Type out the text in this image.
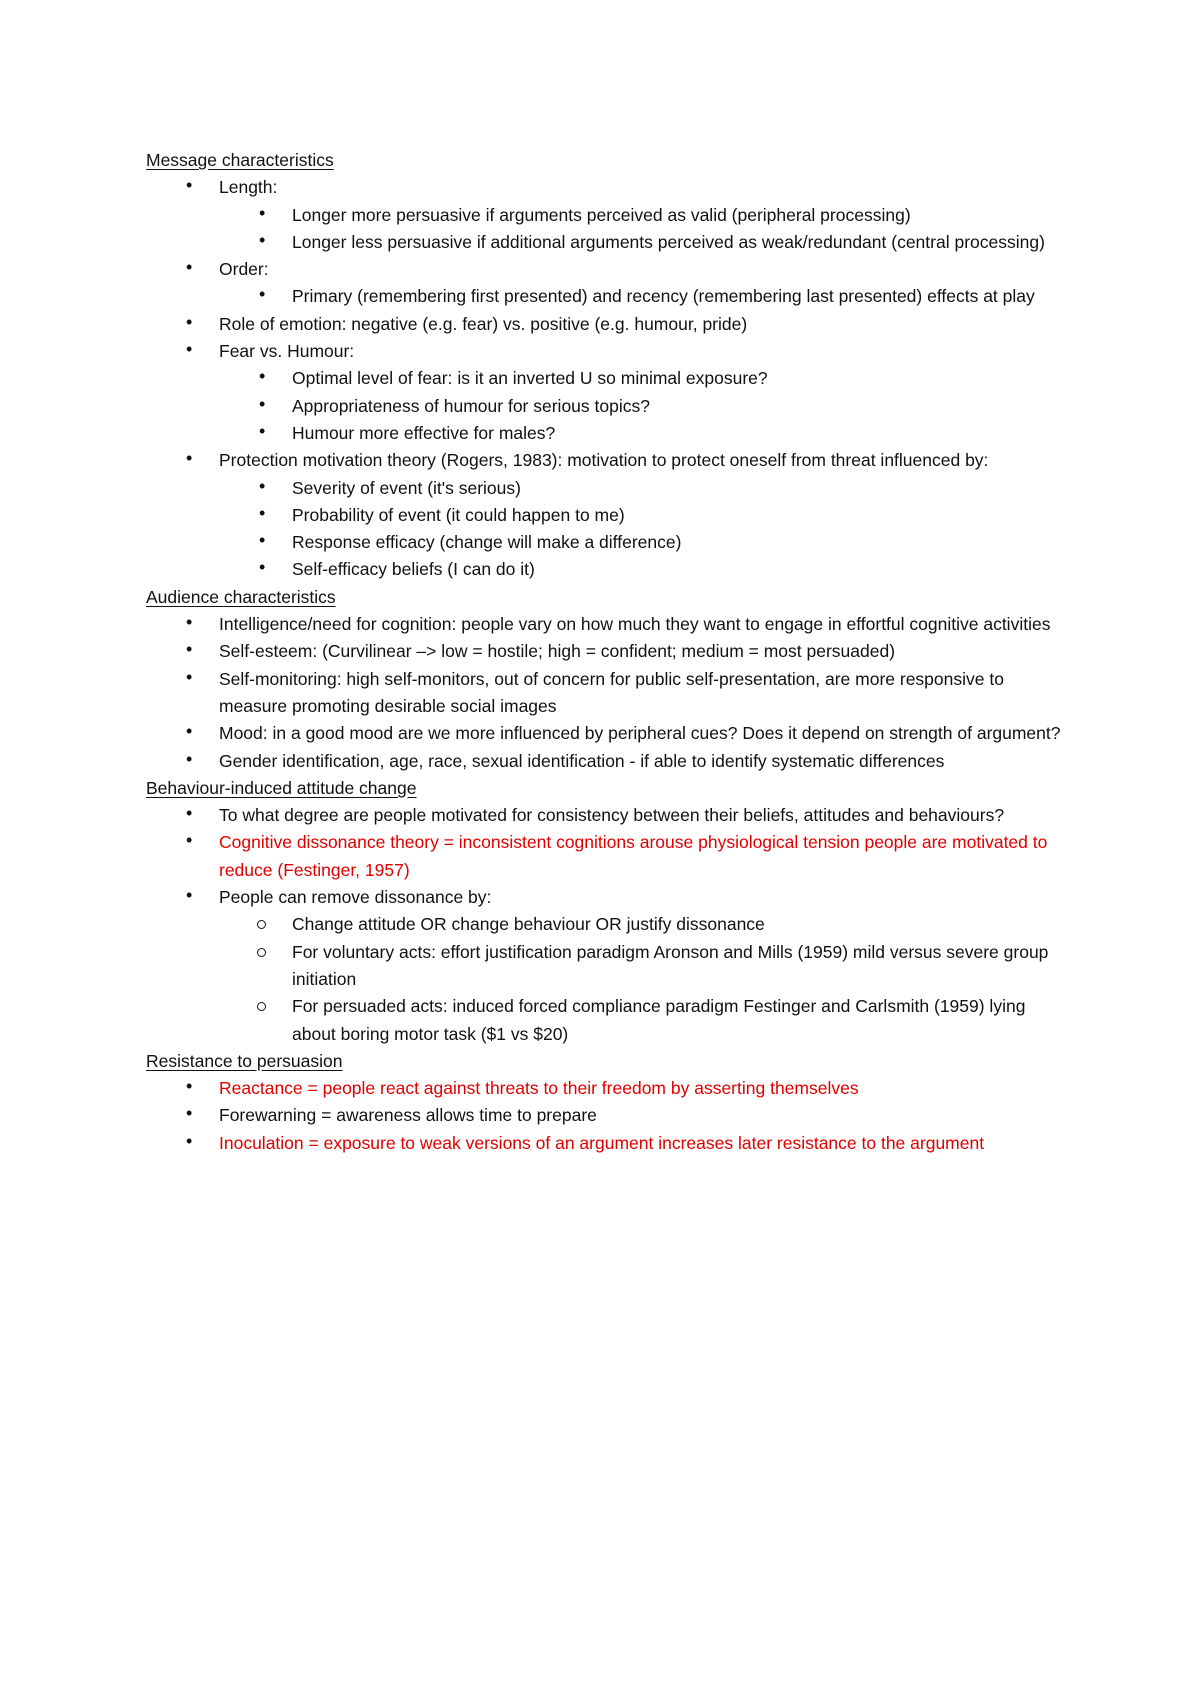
Message characteristics
• Length:
• Longer more persuasive if arguments perceived as valid (peripheral processing)
• Longer less persuasive if additional arguments perceived as weak/redundant (central processing)
• Order:
• Primary (remembering first presented) and recency (remembering last presented) effects at play
• Role of emotion: negative (e.g. fear) vs. positive (e.g. humour, pride)
• Fear vs. Humour:
• Optimal level of fear: is it an inverted U so minimal exposure?
• Appropriateness of humour for serious topics?
• Humour more effective for males?
• Protection motivation theory (Rogers, 1983): motivation to protect oneself from threat influenced by:
• Severity of event (it's serious)
• Probability of event (it could happen to me)
• Response efficacy (change will make a difference)
• Self-efficacy beliefs (I can do it)
Audience characteristics
• Intelligence/need for cognition: people vary on how much they want to engage in effortful cognitive activities
• Self-esteem: (Curvilinear –> low = hostile; high = confident; medium = most persuaded)
• Self-monitoring: high self-monitors, out of concern for public self-presentation, are more responsive to measure promoting desirable social images
• Mood: in a good mood are we more influenced by peripheral cues? Does it depend on strength of argument?
• Gender identification, age, race, sexual identification - if able to identify systematic differences
Behaviour-induced attitude change
• To what degree are people motivated for consistency between their beliefs, attitudes and behaviours?
• Cognitive dissonance theory = inconsistent cognitions arouse physiological tension people are motivated to reduce (Festinger, 1957)
• People can remove dissonance by:
Change attitude OR change behaviour OR justify dissonance
For voluntary acts: effort justification paradigm Aronson and Mills (1959) mild versus severe group initiation
For persuaded acts: induced forced compliance paradigm Festinger and Carlsmith (1959) lying about boring motor task ($1 vs $20)
Resistance to persuasion
• Reactance = people react against threats to their freedom by asserting themselves
• Forewarning = awareness allows time to prepare
• Inoculation = exposure to weak versions of an argument increases later resistance to the argument
